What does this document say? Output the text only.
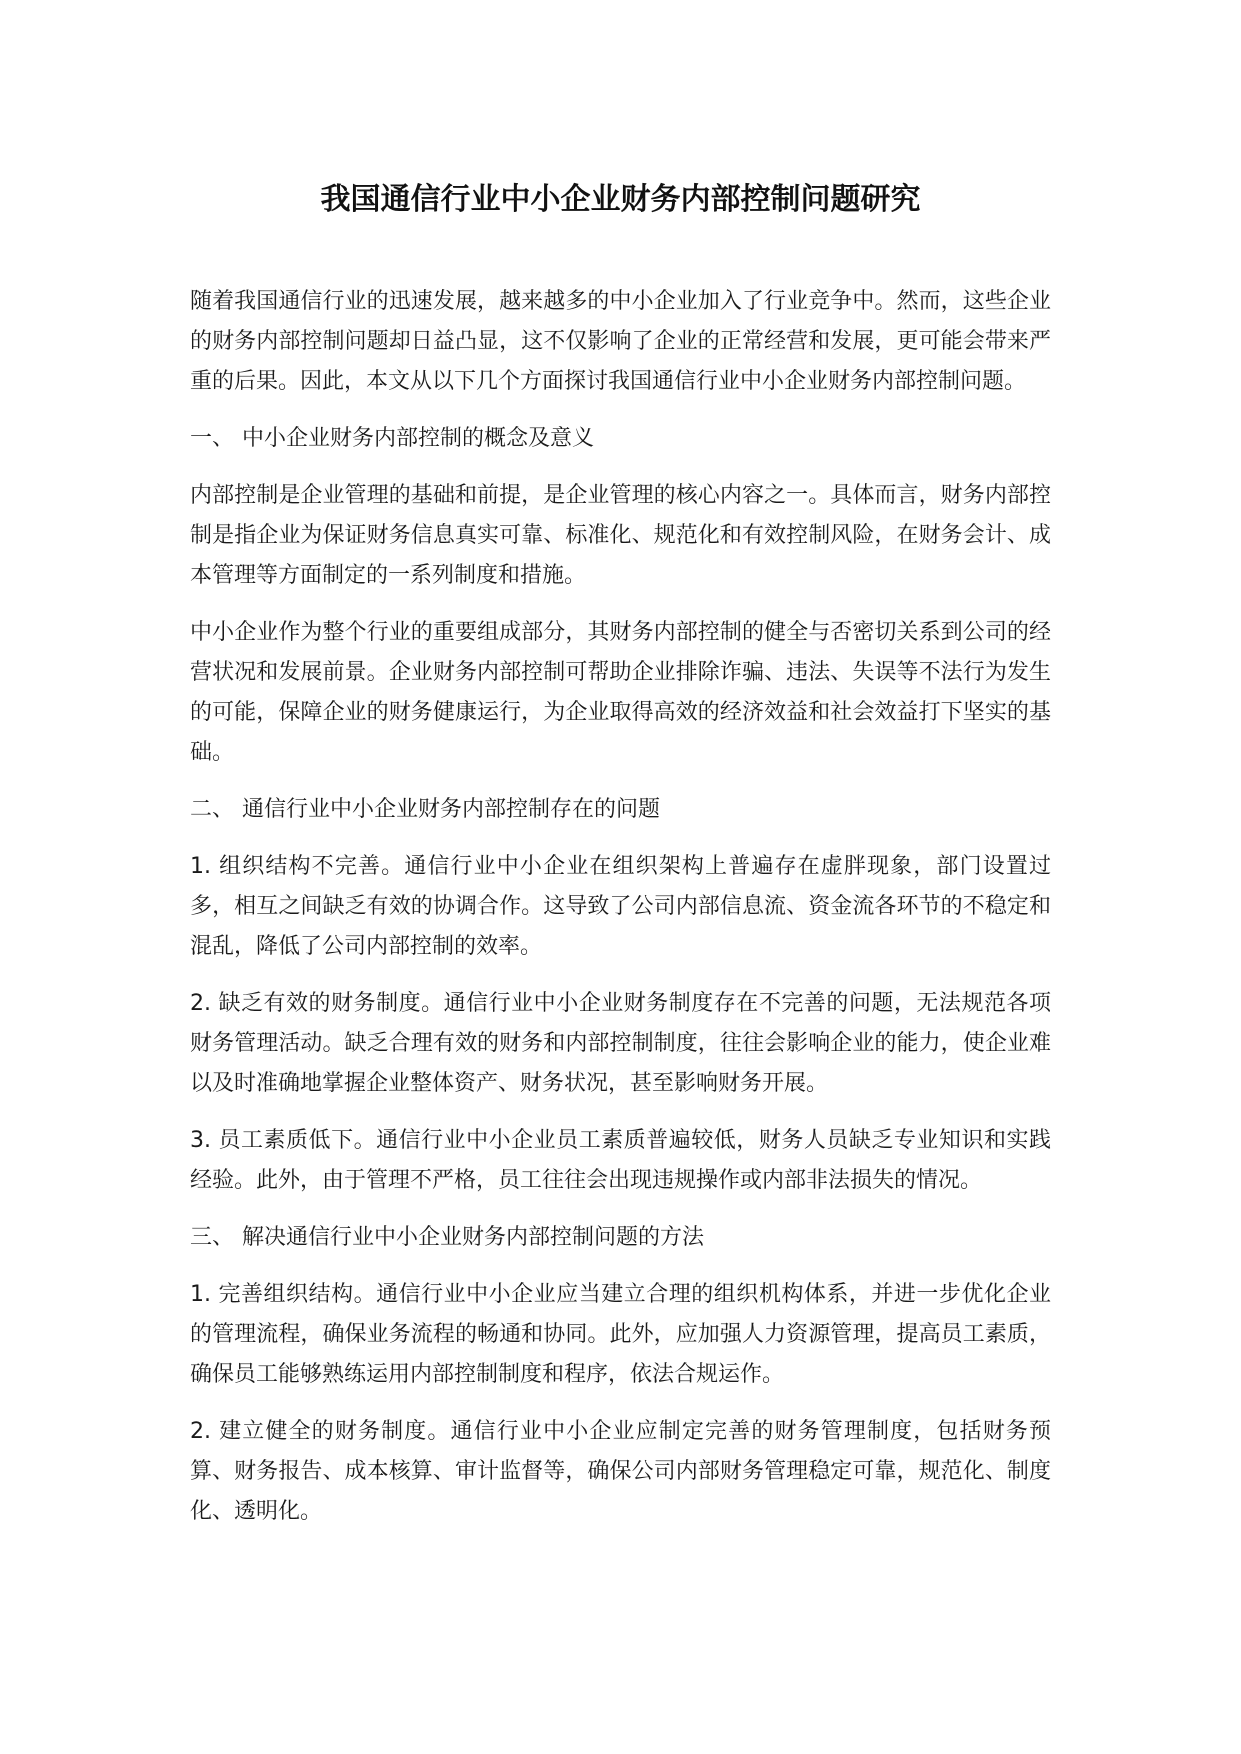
我国通信行业中小企业财务内部控制问题研究

随着我国通信行业的迅速发展，越来越多的中小企业加入了行业竞争中。然而，这些企业的财务内部控制问题却日益凸显，这不仅影响了企业的正常经营和发展，更可能会带来严重的后果。因此，本文从以下几个方面探讨我国通信行业中小企业财务内部控制问题。

一、 中小企业财务内部控制的概念及意义

内部控制是企业管理的基础和前提，是企业管理的核心内容之一。具体而言，财务内部控制是指企业为保证财务信息真实可靠、标准化、规范化和有效控制风险，在财务会计、成本管理等方面制定的一系列制度和措施。

中小企业作为整个行业的重要组成部分，其财务内部控制的健全与否密切关系到公司的经营状况和发展前景。企业财务内部控制可帮助企业排除诈骗、违法、失误等不法行为发生的可能，保障企业的财务健康运行，为企业取得高效的经济效益和社会效益打下坚实的基础。

二、 通信行业中小企业财务内部控制存在的问题

1. 组织结构不完善。通信行业中小企业在组织架构上普遍存在虚胖现象，部门设置过多，相互之间缺乏有效的协调合作。这导致了公司内部信息流、资金流各环节的不稳定和混乱，降低了公司内部控制的效率。

2. 缺乏有效的财务制度。通信行业中小企业财务制度存在不完善的问题，无法规范各项财务管理活动。缺乏合理有效的财务和内部控制制度，往往会影响企业的能力，使企业难以及时准确地掌握企业整体资产、财务状况，甚至影响财务开展。

3. 员工素质低下。通信行业中小企业员工素质普遍较低，财务人员缺乏专业知识和实践经验。此外，由于管理不严格，员工往往会出现违规操作或内部非法损失的情况。

三、 解决通信行业中小企业财务内部控制问题的方法

1. 完善组织结构。通信行业中小企业应当建立合理的组织机构体系，并进一步优化企业的管理流程，确保业务流程的畅通和协同。此外，应加强人力资源管理，提高员工素质，确保员工能够熟练运用内部控制制度和程序，依法合规运作。

2. 建立健全的财务制度。通信行业中小企业应制定完善的财务管理制度，包括财务预算、财务报告、成本核算、审计监督等，确保公司内部财务管理稳定可靠，规范化、制度化、透明化。
